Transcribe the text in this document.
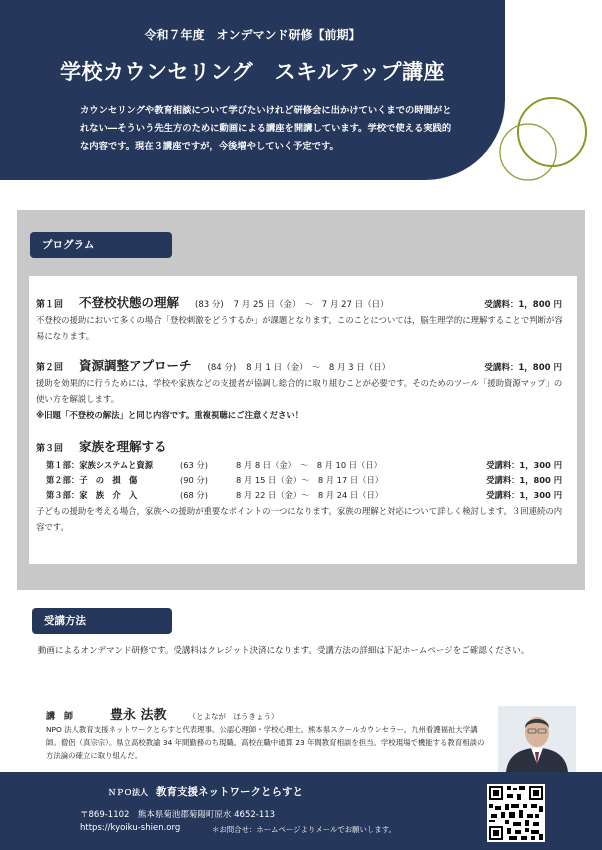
令和７年度　オンデマンド研修【前期】
学校カウンセリング　スキルアップ講座
カウンセリングや教育相談について学びたいけれど研修会に出かけていくまでの時間がとれない―そういう先生方のために動画による講座を開講しています。学校で使える実践的な内容です。現在３講座ですが，今後増やしていく予定です。
プログラム
第１回	不登校状態の理解 (83 分) 7 月 25 日（金）　～　7 月 27 日（日）	受講料：1，800 円
不登校の援助において多くの場合「登校刺激をどうするか」が課題となります。このことについては，脳生理学的に理解することで判断が容易になります。
第２回	資源調整アプローチ (84 分) 8 月 1 日（金）　～　8 月 3 日（日）	受講料：1，800 円
援助を効果的に行うためには，学校や家族などの支援者が協調し総合的に取り組むことが必要です。そのためのツール「援助資源マップ」の使い方を解説します。
※旧題「不登校の解法」と同じ内容です。重複視聴にご注意ください！
第３回	家族を理解する
第１部：家族システムと資源	(63 分)	8 月 8 日（金）　～　8 月 10 日（日）	受講料：1，300 円
第２部：子　の　損　傷	(90 分)	8 月 15 日（金）～　8 月 17 日（日）	受講料：1，800 円
第３部：家　族　介　入	(68 分)	8 月 22 日（金）～　8 月 24 日（日）	受講料：1，300 円
子どもの援助を考える場合，家族への援助が重要なポイントの一つになります。家族の理解と対応について詳しく検討します。３回連続の内容です。
受講方法
動画によるオンデマンド研修です。受講料はクレジット決済になります。受講方法の詳細は下記ホームページをご確認ください。
講　師	豊永 法教	（とよなが　ほうきょう）
NPO 法人教育支援ネットワークとらすと代表理事。公認心理師・学校心理士。熊本県スクールカウンセラー。九州看護福祉大学講師。僧侶（真宗宗）。県立高校教諭 34 年間勤務のち現職。高校在職中通算 23 年間教育相談を担当。学校現場で機能する教育相談の方法論の確立に取り組んだ。
ＮＰＯ法人 教育支援ネットワークとらすと
〒869-1102　熊本県菊池郡菊陽町原水 4652-113
https://kyoiku-shien.org	＊お問合せ：ホームページよりメールでお願いします。
